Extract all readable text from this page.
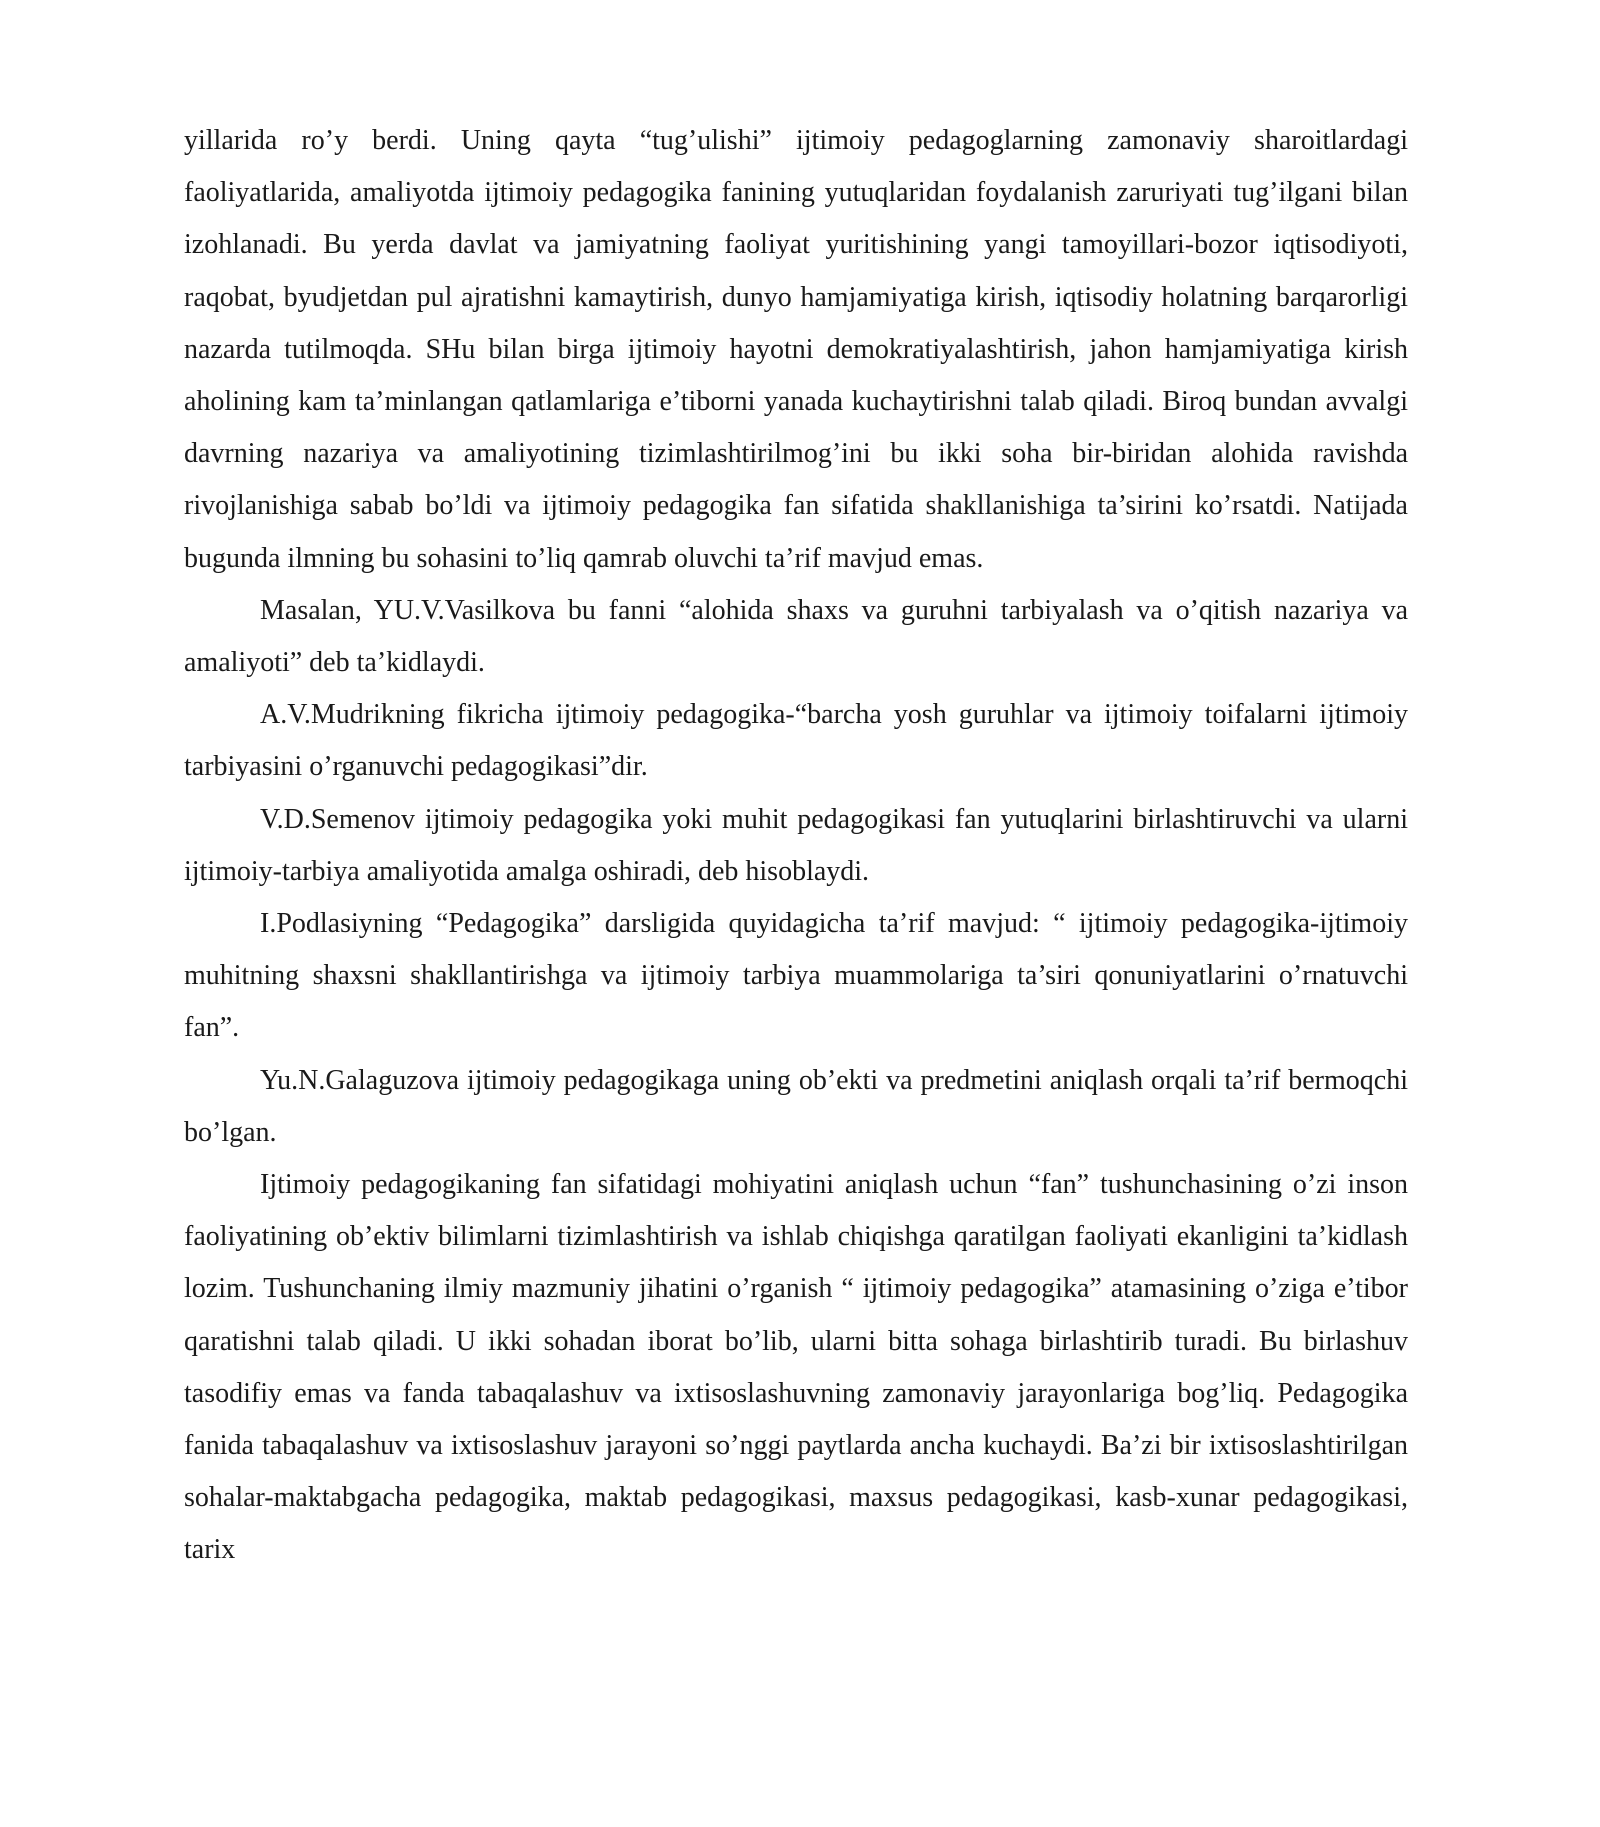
yillarida ro’y berdi. Uning qayta “tug’ulishi” ijtimoiy pedagoglarning zamonaviy sharoitlardagi faoliyatlarida, amaliyotda ijtimoiy pedagogika fanining yutuqlaridan foydalanish zaruriyati tug’ilgani bilan izohlanadi. Bu yerda davlat va jamiyatning faoliyat yuritishining yangi tamoyillari-bozor iqtisodiyoti, raqobat, byudjetdan pul ajratishni kamaytirish, dunyo hamjamiyatiga kirish, iqtisodiy holatning barqarorligi nazarda tutilmoqda. SHu bilan birga ijtimoiy hayotni demokratiyalashtirish, jahon hamjamiyatiga kirish aholining kam ta’minlangan qatlamlariga e’tiborni yanada kuchaytirishni talab qiladi. Biroq bundan avvalgi davrning nazariya va amaliyotining tizimlashtirilmog’ini bu ikki soha bir-biridan alohida ravishda rivojlanishiga sabab bo’ldi va ijtimoiy pedagogika fan sifatida shakllanishiga ta’sirini ko’rsatdi. Natijada bugunda ilmning bu sohasini to’liq qamrab oluvchi ta’rif mavjud emas.

Masalan, YU.V.Vasilkova bu fanni “alohida shaxs va guruhni tarbiyalash va o’qitish nazariya va amaliyoti” deb ta’kidlaydi.

A.V.Mudrikning fikricha ijtimoiy pedagogika-“barcha yosh guruhlar va ijtimoiy toifalarni ijtimoiy tarbiyasini o’rganuvchi pedagogikasi”dir.

V.D.Semenov ijtimoiy pedagogika yoki muhit pedagogikasi fan yutuqlarini birlashtiruvchi va ularni ijtimoiy-tarbiya amaliyotida amalga oshiradi, deb hisoblaydi.

I.Podlasiyning “Pedagogika” darsligida quyidagicha ta’rif mavjud: “ ijtimoiy pedagogika-ijtimoiy muhitning shaxsni shakllantirishga va ijtimoiy tarbiya muammolariga ta’siri qonuniyatlarini o’rnatuvchi fan”.

Yu.N.Galaguzova ijtimoiy pedagogikaga uning ob’ekti va predmetini aniqlash orqali ta’rif bermoqchi bo’lgan.

Ijtimoiy pedagogikaning fan sifatidagi mohiyatini aniqlash uchun “fan” tushunchasining o’zi inson faoliyatining ob’ektiv bilimlarni tizimlashtirish va ishlab chiqishga qaratilgan faoliyati ekanligini ta’kidlash lozim. Tushunchaning ilmiy mazmuniy jihatini o’rganish “ ijtimoiy pedagogika” atamasining o’ziga e’tibor qaratishni talab qiladi. U ikki sohadan iborat bo’lib, ularni bitta sohaga birlashtirib turadi. Bu birlashuv tasodifiy emas va fanda tabaqalashuv va ixtisoslashuvning zamonaviy jarayonlariga bog’liq. Pedagogika fanida tabaqalashuv va ixtisoslashuv jarayoni so’nggi paytlarda ancha kuchaydi. Ba’zi bir ixtisoslashtirilgan sohalar-maktabgacha pedagogika, maktab pedagogikasi, maxsus pedagogikasi, kasb-xunar pedagogikasi, tarix
